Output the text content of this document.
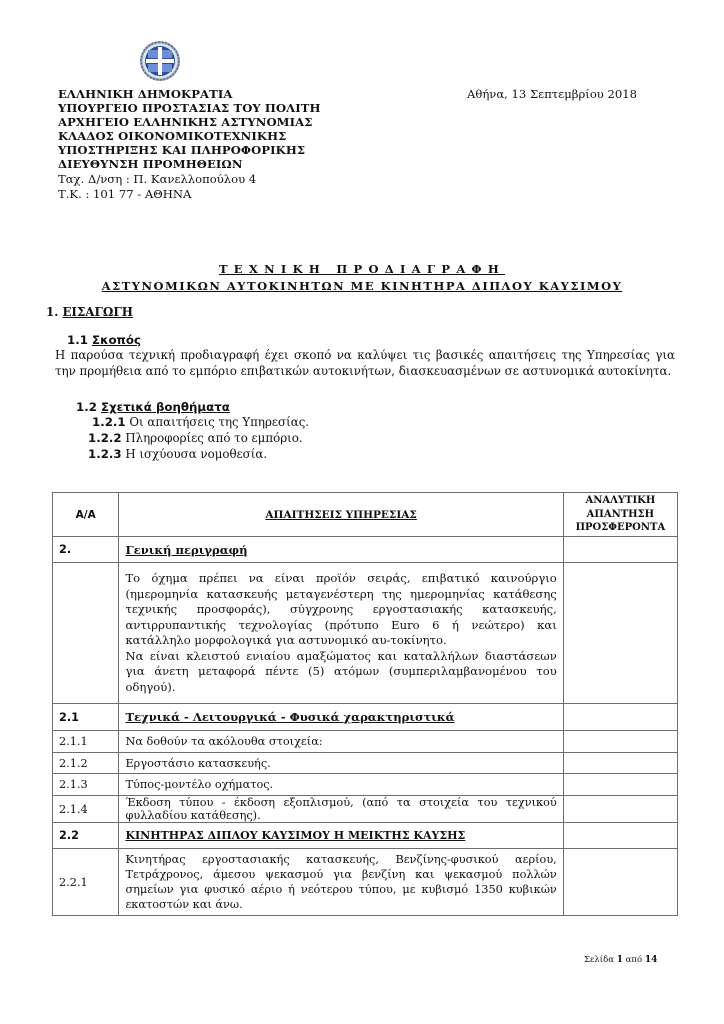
ΕΛΛΗΝΙΚΗ ΔΗΜΟΚΡΑΤΙΑ
ΥΠΟΥΡΓΕΙΟ ΠΡΟΣΤΑΣΙΑΣ ΤΟΥ ΠΟΛΙΤΗ
ΑΡΧΗΓΕΙΟ ΕΛΛΗΝΙΚΗΣ ΑΣΤΥΝΟΜΙΑΣ
ΚΛΑΔΟΣ ΟΙΚΟΝΟΜΙΚΟΤΕΧΝΙΚΗΣ
ΥΠΟΣΤΗΡΙΞΗΣ ΚΑΙ ΠΛΗΡΟΦΟΡΙΚΗΣ
ΔΙΕΥΘΥΝΣΗ ΠΡΟΜΗΘΕΙΩΝ
Ταχ. Δ/νση : Π. Κανελλοπούλου 4
Τ.Κ. : 101 77 - ΑΘΗΝΑ
Αθήνα, 13 Σεπτεμβρίου 2018
ΤΕΧΝΙΚΗ ΠΡΟΔΙΑΓΡΑΦΗ
ΑΣΤΥΝΟΜΙΚΩΝ ΑΥΤΟΚΙΝΗΤΩΝ ΜΕ ΚΙΝΗΤΗΡΑ ΔΙΠΛΟΥ ΚΑΥΣΙΜΟΥ
1. ΕΙΣΑΓΩΓΗ
1.1 Σκοπός
Η παρούσα τεχνική προδιαγραφή έχει σκοπό να καλύψει τις βασικές απαιτήσεις της Υπηρεσίας για την προμήθεια από το εμπόριο επιβατικών αυτοκινήτων, διασκευασμένων σε αστυνομικά αυτοκίνητα.
1.2 Σχετικά βοηθήματα
1.2.1 Οι απαιτήσεις της Υπηρεσίας.
1.2.2 Πληροφορίες από το εμπόριο.
1.2.3 Η ισχύουσα νομοθεσία.
Α/Α	ΑΠΑΙΤΗΣΕΙΣ ΥΠΗΡΕΣΙΑΣ	ΑΝΑΛΥΤΙΚΗ
ΑΠΑΝΤΗΣΗ
ΠΡΟΣΦΕΡΟΝΤΑ

2.	Γενική περιγραφή	

	Το όχημα πρέπει να είναι προϊόν σειράς, επιβατικό καινούργιο (ημερομηνία κατασκευής μεταγενέστερη της ημερομηνίας κατάθεσης τεχνικής προσφοράς), σύγχρονης εργοστασιακής κατασκευής, αντιρρυπαντικής τεχνολογίας (πρότυπο Euro 6 ή νεώτερο) και κατάλληλο μορφολογικά για αστυνομικό αυ-τοκίνητο.
Να είναι κλειστού ενιαίου αμαξώματος και καταλλήλων διαστάσεων για άνετη μεταφορά πέντε (5) ατόμων (συμπεριλαμβανομένου του οδηγού).	

2.1	Τεχνικά - Λειτουργικά - Φυσικά χαρακτηριστικά	
2.1.1	Να δοθούν τα ακόλουθα στοιχεία:	
2.1.2	Εργοστάσιο κατασκευής.	
2.1.3	Τύπος-μοντέλο οχήματος.	
2.1.4	Έκδοση τύπου - έκδοση εξοπλισμού, (από τα στοιχεία του τεχνικού φυλλαδίου κατάθεσης).	
2.2	ΚΙΝΗΤΗΡΑΣ ΔΙΠΛΟΥ ΚΑΥΣΙΜΟΥ Η ΜΕΙΚΤΗΣ ΚΑΥΣΗΣ	
2.2.1	Κινητήρας εργοστασιακής κατασκευής, Βενζίνης-φυσικού αερίου, Τετράχρονος, άμεσου ψεκασμού για βενζίνη και ψεκασμού πολλών σημείων για φυσικό αέριο ή νεότερου τύπου, με κυβισμό 1350 κυβικών εκατοστών και άνω.	
Σελίδα 1 από 14
